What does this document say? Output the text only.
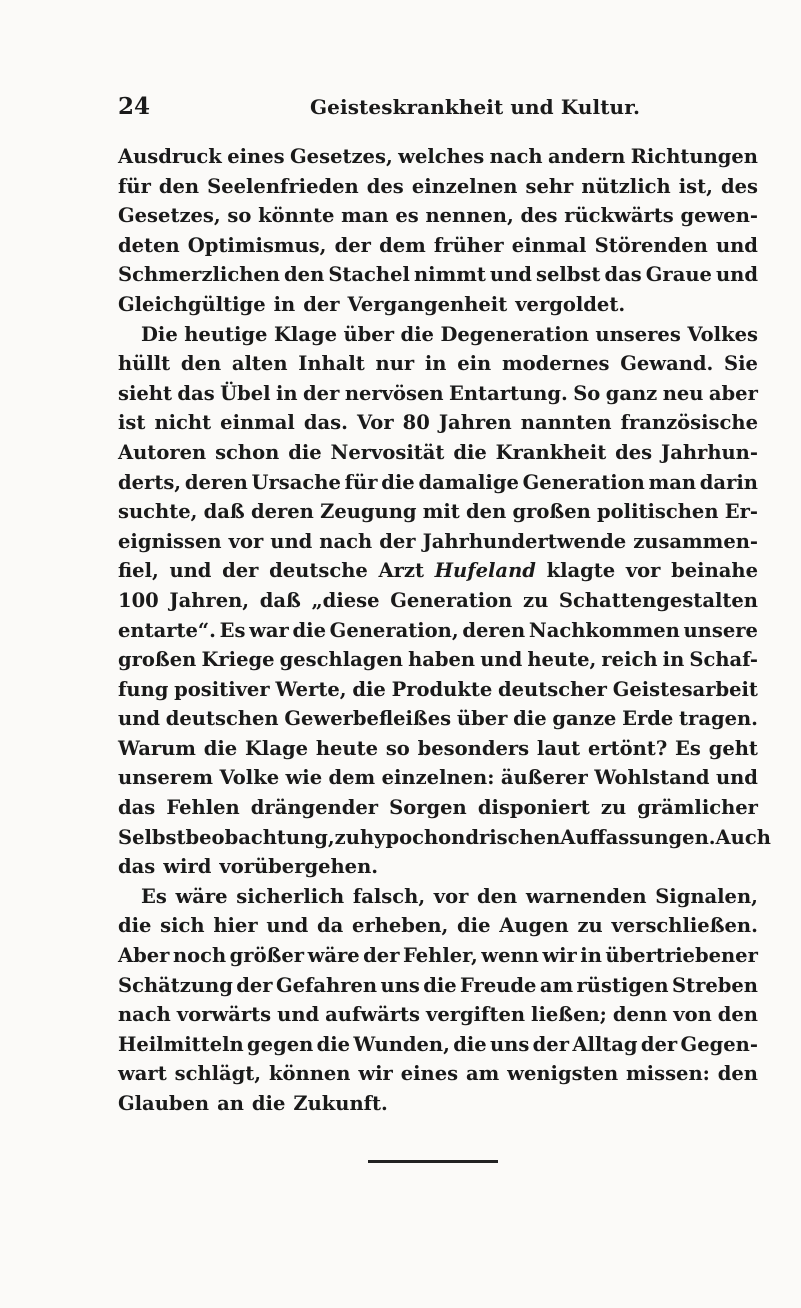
24	Geisteskrankheit und Kultur.
Ausdruck eines Gesetzes, welches nach andern Richtungen
für den Seelenfrieden des einzelnen sehr nützlich ist, des
Gesetzes, so könnte man es nennen, des rückwärts gewen-
deten Optimismus, der dem früher einmal Störenden und
Schmerzlichen den Stachel nimmt und selbst das Graue und
Gleichgültige in der Vergangenheit vergoldet.
Die heutige Klage über die Degeneration unseres Volkes
hüllt den alten Inhalt nur in ein modernes Gewand. Sie
sieht das Übel in der nervösen Entartung. So ganz neu aber
ist nicht einmal das. Vor 80 Jahren nannten französische
Autoren schon die Nervosität die Krankheit des Jahrhun-
derts, deren Ursache für die damalige Generation man darin
suchte, daß deren Zeugung mit den großen politischen Er-
eignissen vor und nach der Jahrhundertwende zusammen-
fiel, und der deutsche Arzt Hufeland klagte vor beinahe
100 Jahren, daß „diese Generation zu Schattengestalten
entarte“. Es war die Generation, deren Nachkommen unsere
großen Kriege geschlagen haben und heute, reich in Schaf-
fung positiver Werte, die Produkte deutscher Geistesarbeit
und deutschen Gewerbefleißes über die ganze Erde tragen.
Warum die Klage heute so besonders laut ertönt? Es geht
unserem Volke wie dem einzelnen: äußerer Wohlstand und
das Fehlen drängender Sorgen disponiert zu grämlicher
Selbstbeobachtung, zu hypochondrischen Auffassungen. Auch
das wird vorübergehen.
Es wäre sicherlich falsch, vor den warnenden Signalen,
die sich hier und da erheben, die Augen zu verschließen.
Aber noch größer wäre der Fehler, wenn wir in übertriebener
Schätzung der Gefahren uns die Freude am rüstigen Streben
nach vorwärts und aufwärts vergiften ließen; denn von den
Heilmitteln gegen die Wunden, die uns der Alltag der Gegen-
wart schlägt, können wir eines am wenigsten missen: den
Glauben an die Zukunft.
